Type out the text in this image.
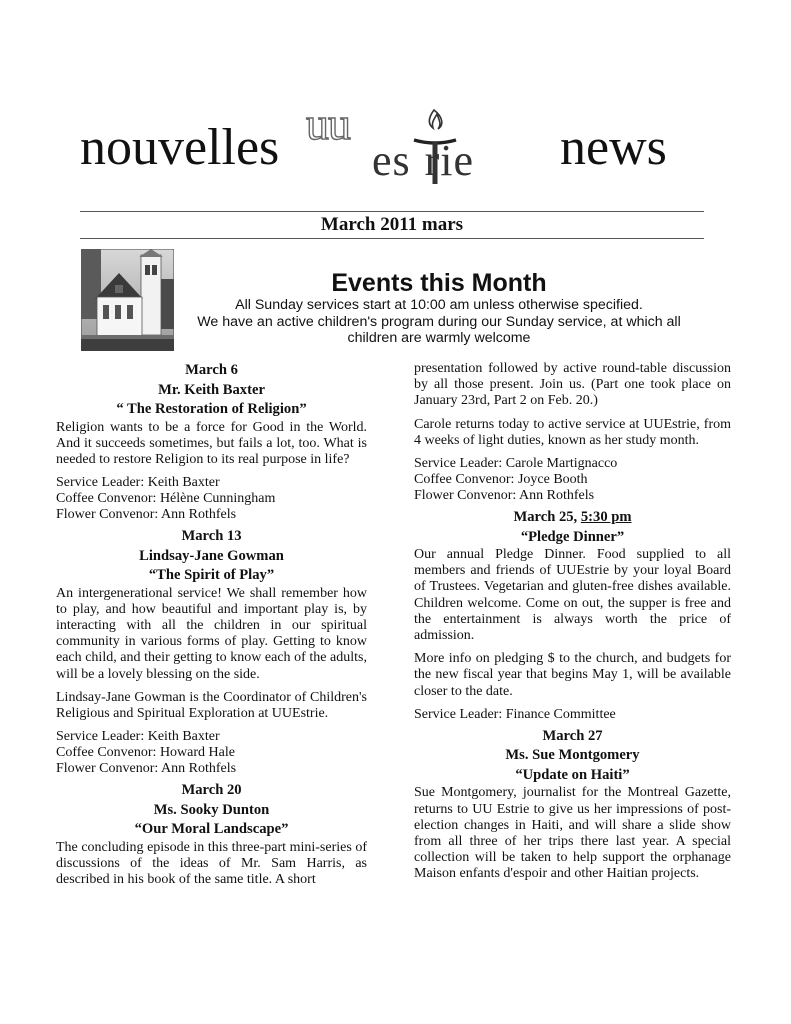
nouvelles uu
es rie news
March 2011 mars
Events this Month
All Sunday services start at 10:00 am unless otherwise specified.
We have an active children's program during our Sunday service, at which all children are warmly welcome
March 6
Mr. Keith Baxter
“ The Restoration of Religion”

Religion wants to be a force for Good in the World. And it succeeds sometimes, but fails a lot, too. What is needed to restore Religion to its real purpose in life?

Service Leader: Keith Baxter
Coffee Convenor: Hélène Cunningham
Flower Convenor: Ann Rothfels
March 13
Lindsay-Jane Gowman
“The Spirit of Play”

An intergenerational service! We shall remember how to play, and how beautiful and important play is, by interacting with all the children in our spiritual community in various forms of play. Getting to know each child, and their getting to know each of the adults, will be a lovely blessing on the side.

Lindsay-Jane Gowman is the Coordinator of Children's Religious and Spiritual Exploration at UUEstrie.

Service Leader: Keith Baxter
Coffee Convenor: Howard Hale
Flower Convenor: Ann Rothfels
March 20
Ms. Sooky Dunton
“Our Moral Landscape”

The concluding episode in this three-part mini-series of discussions of the ideas of Mr. Sam Harris, as described in his book of the same title. A short

presentation followed by active round-table discussion by all those present. Join us. (Part one took place on January 23rd, Part 2 on Feb. 20.)

Carole returns today to active service at UUEstrie, from 4 weeks of light duties, known as her study month.

Service Leader: Carole Martignacco
Coffee Convenor: Joyce Booth
Flower Convenor: Ann Rothfels
March 25, 5:30 pm
“Pledge Dinner”

Our annual Pledge Dinner. Food supplied to all members and friends of UUEstrie by your loyal Board of Trustees. Vegetarian and gluten-free dishes available. Children welcome. Come on out, the supper is free and the entertainment is always worth the price of admission.

More info on pledging $ to the church, and budgets for the new fiscal year that begins May 1, will be available closer to the date.

Service Leader: Finance Committee
March 27
Ms. Sue Montgomery
“Update on Haiti”

Sue Montgomery, journalist for the Montreal Gazette, returns to UU Estrie to give us her impressions of post-election changes in Haiti, and will share a slide show from all three of her trips there last year. A special collection will be taken to help support the orphanage Maison enfants d'espoir and other Haitian projects.
